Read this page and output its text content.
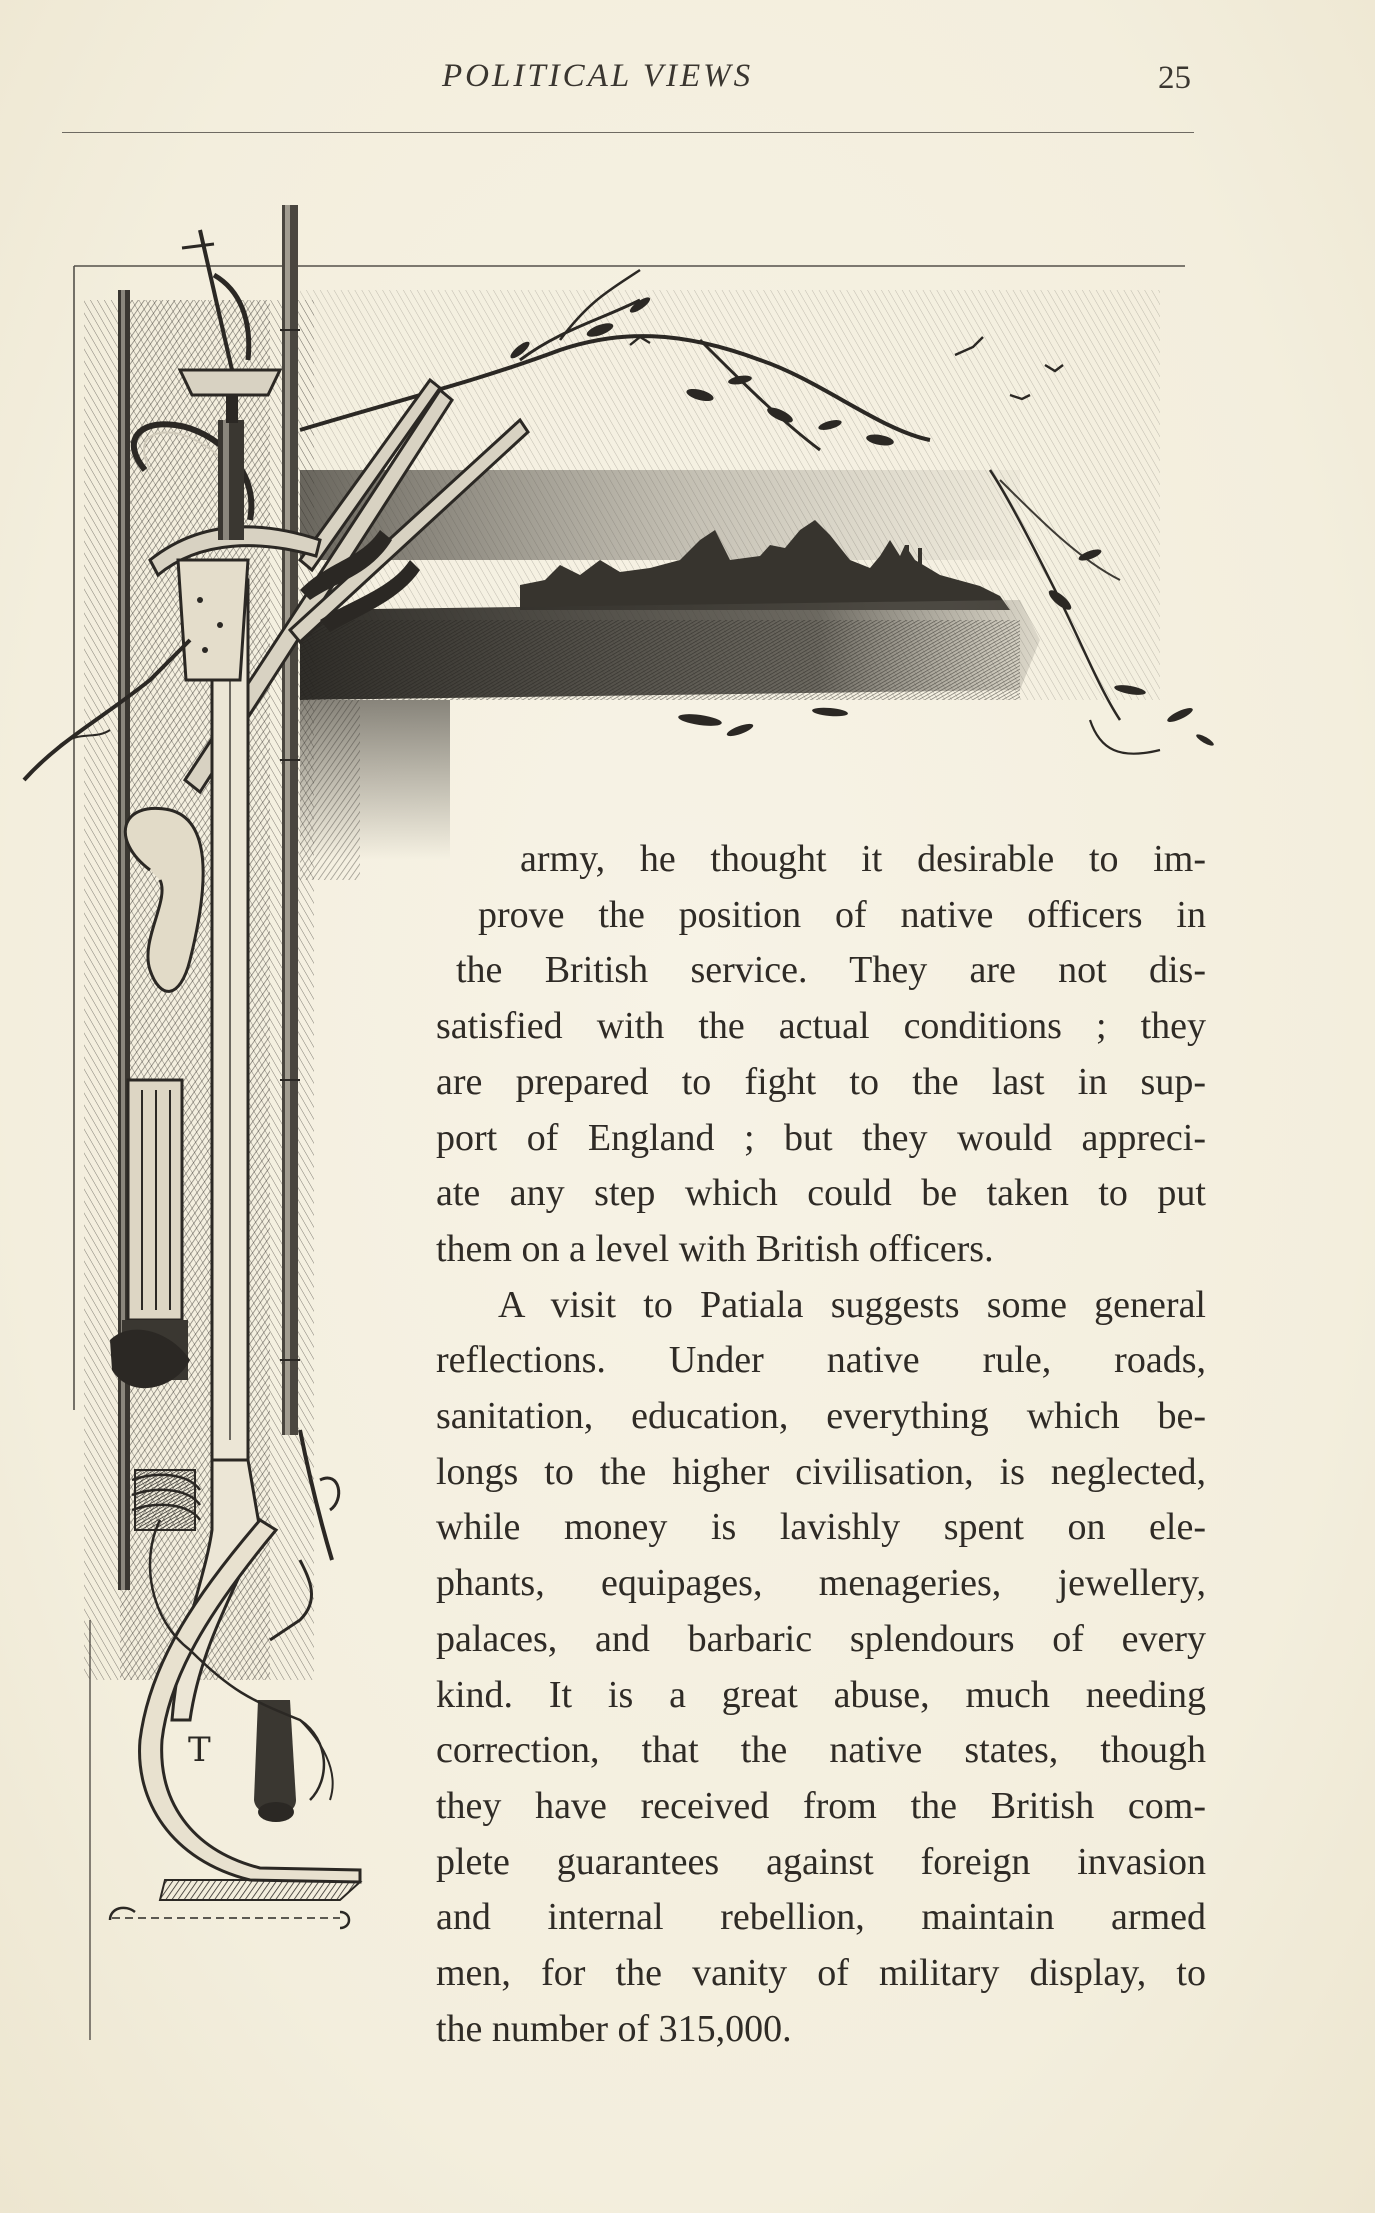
POLITICAL VIEWS	25
T
army, he thought it desirable to im-
prove the position of native officers in
the British service. They are not dis-
satisfied with the actual conditions ; they
are prepared to fight to the last in sup-
port of England ; but they would appreci-
ate any step which could be taken to put
them on a level with British officers.
A visit to Patiala suggests some general
reflections. Under native rule, roads,
sanitation, education, everything which be-
longs to the higher civilisation, is neglected,
while money is lavishly spent on ele-
phants, equipages, menageries, jewellery,
palaces, and barbaric splendours of every
kind. It is a great abuse, much needing
correction, that the native states, though
they have received from the British com-
plete guarantees against foreign invasion
and internal rebellion, maintain armed
men, for the vanity of military display, to
the number of 315,000.
